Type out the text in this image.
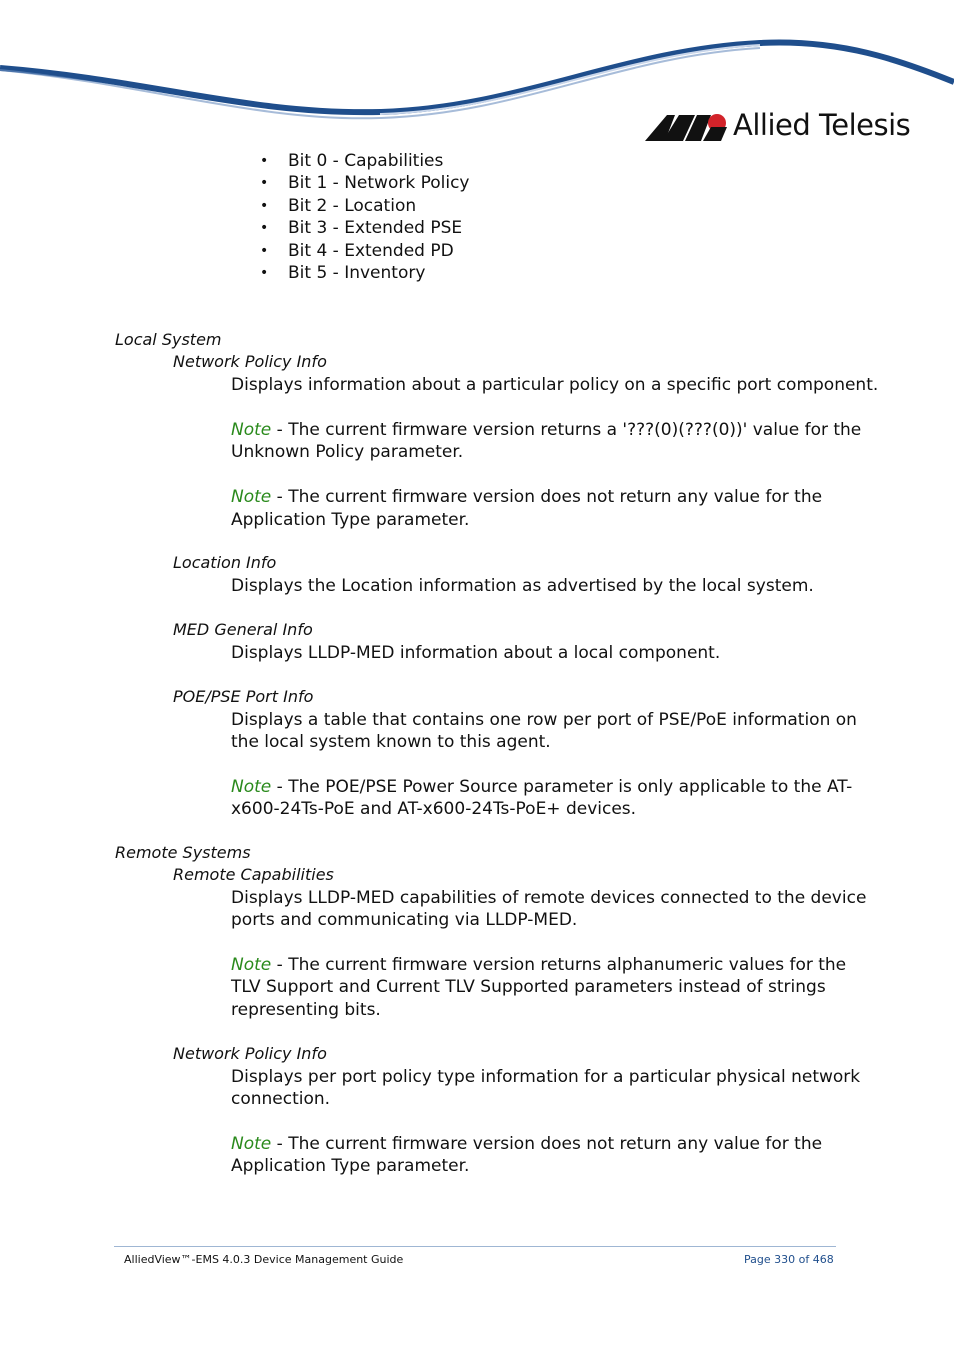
Allied Telesis
• Bit 0 - Capabilities
• Bit 1 - Network Policy
• Bit 2 - Location
• Bit 3 - Extended PSE
• Bit 4 - Extended PD
• Bit 5 - Inventory
Local System
Network Policy Info
Displays information about a particular policy on a specific port component.
Note - The current firmware version returns a '???(0)(???(0))' value for the
Unknown Policy parameter.
Note - The current firmware version does not return any value for the
Application Type parameter.
Location Info
Displays the Location information as advertised by the local system.
MED General Info
Displays LLDP-MED information about a local component.
POE/PSE Port Info
Displays a table that contains one row per port of PSE/PoE information on
the local system known to this agent.
Note - The POE/PSE Power Source parameter is only applicable to the AT-
x600-24Ts-PoE and AT-x600-24Ts-PoE+ devices.
Remote Systems
Remote Capabilities
Displays LLDP-MED capabilities of remote devices connected to the device
ports and communicating via LLDP-MED.
Note - The current firmware version returns alphanumeric values for the
TLV Support and Current TLV Supported parameters instead of strings
representing bits.
Network Policy Info
Displays per port policy type information for a particular physical network
connection.
Note - The current firmware version does not return any value for the
Application Type parameter.
AlliedView™-EMS 4.0.3 Device Management Guide	Page 330 of 468
